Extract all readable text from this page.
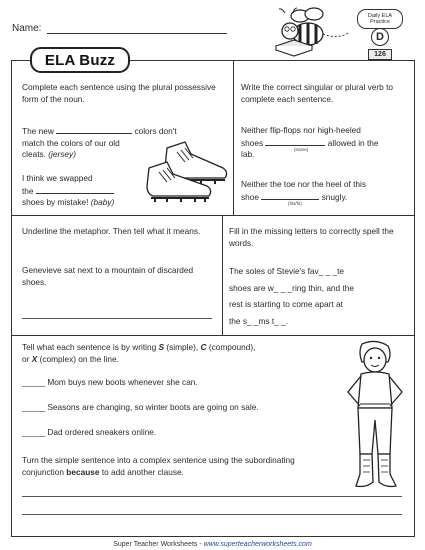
Name:
Daily ELA
Practice
D
126
ELA Buzz
Complete each sentence using the plural possessive form of the noun.
The new	colors don't
match the colors of our old
cleats. (jersey)
I think we swapped
the
shoes by mistake! (baby)
Write the correct singular or plural verb to complete each sentence.
Neither flip-flops nor high-heeled
shoes	allowed in the
lab.	(is/are)
Neither the toe nor the heel of this
shoe	snugly.
(fits/fit)
Underline the metaphor. Then tell what it means.
Genevieve sat next to a mountain of discarded shoes.
Fill in the missing letters to correctly spell the words.
The soles of Stevie's fav_ _ _te
shoes are w_ _ _ring thin, and the
rest is starting to come apart at
the s_ _ms t_ _.
Tell what each sentence is by writing S (simple), C (compound),
or X (complex) on the line.
_____ Mom buys new boots whenever she can.
_____ Seasons are changing, so winter boots are going on sale.
_____ Dad ordered sneakers online.
Turn the simple sentence into a complex sentence using the subordinating conjunction because to add another clause.
Super Teacher Worksheets - www.superteacherworksheets.com
